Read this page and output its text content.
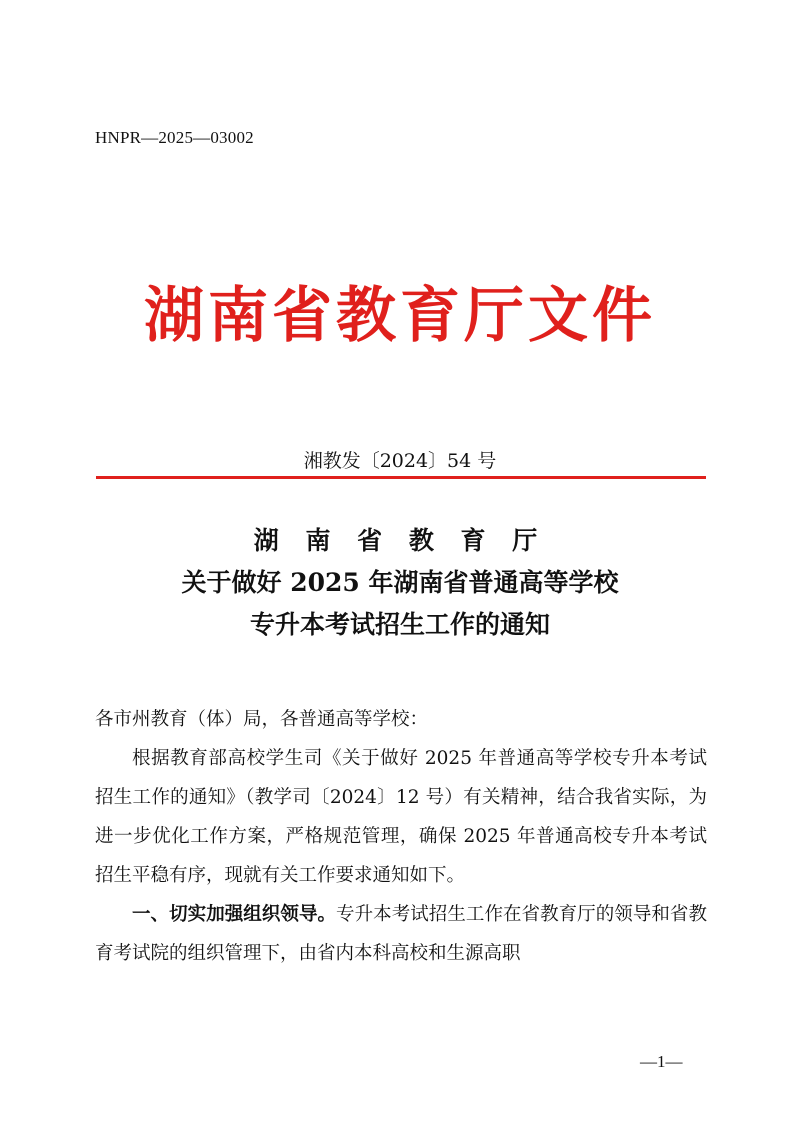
HNPR—2025—03002
湖南省教育厅文件
湘教发〔2024〕54 号
湖 南 省 教 育 厅
关于做好 2025 年湖南省普通高等学校
专升本考试招生工作的通知

各市州教育（体）局，各普通高等学校：

根据教育部高校学生司《关于做好 2025 年普通高等学校专升本考试招生工作的通知》（教学司〔2024〕12 号）有关精神，结合我省实际，为进一步优化工作方案，严格规范管理，确保 2025 年普通高校专升本考试招生平稳有序，现就有关工作要求通知如下。

一、切实加强组织领导。专升本考试招生工作在省教育厅的领导和省教育考试院的组织管理下，由省内本科高校和生源高职

—1—
